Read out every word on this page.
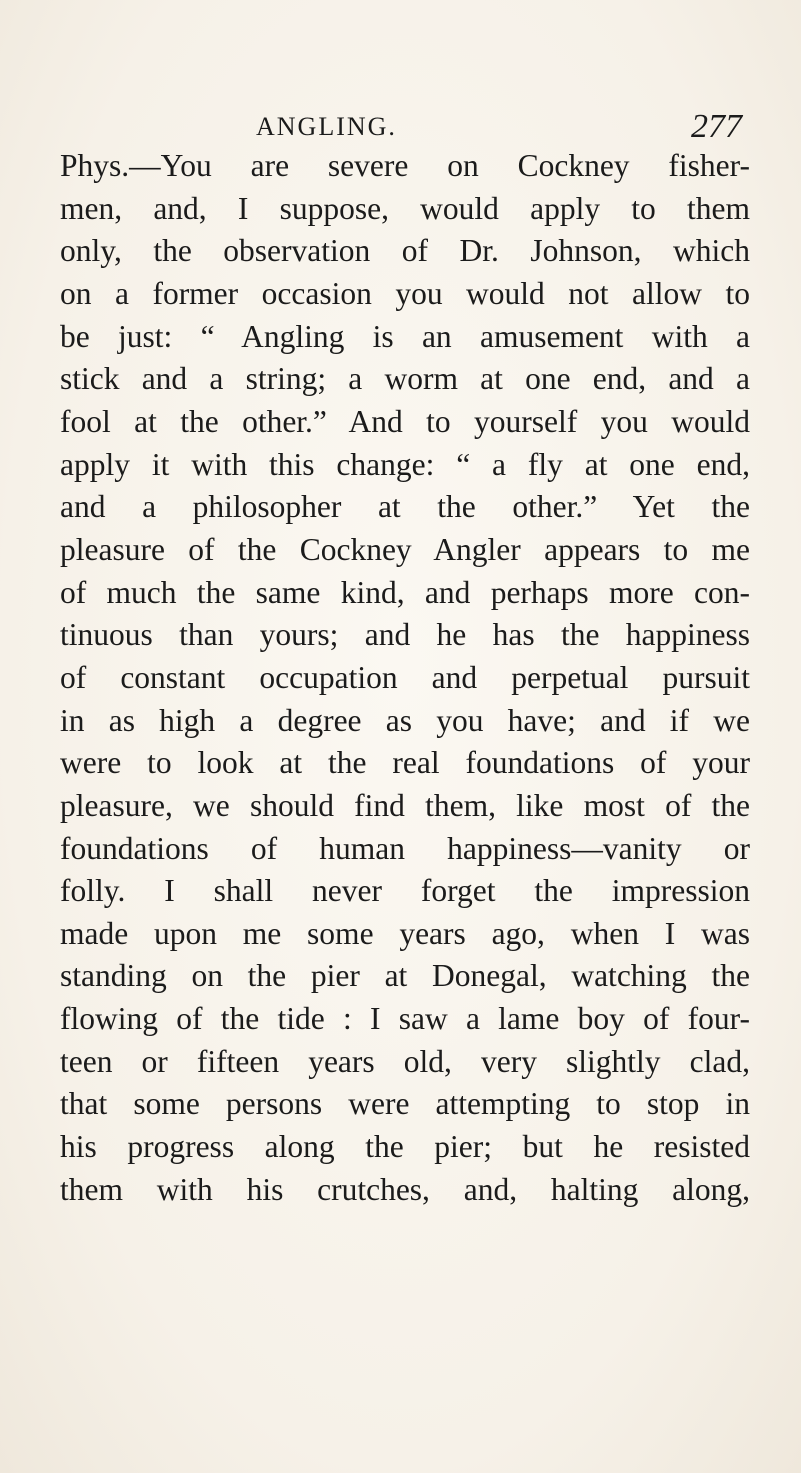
ANGLING.	277
Phys.—You are severe on Cockney fisher-
men, and, I suppose, would apply to them
only, the observation of Dr. Johnson, which
on a former occasion you would not allow to
be just: “ Angling is an amusement with a
stick and a string; a worm at one end, and a
fool at the other.” And to yourself you would
apply it with this change: “ a fly at one end,
and a philosopher at the other.” Yet the
pleasure of the Cockney Angler appears to me
of much the same kind, and perhaps more con-
tinuous than yours; and he has the happiness
of constant occupation and perpetual pursuit
in as high a degree as you have; and if we
were to look at the real foundations of your
pleasure, we should find them, like most of the
foundations of human happiness—vanity or
folly. I shall never forget the impression
made upon me some years ago, when I was
standing on the pier at Donegal, watching the
flowing of the tide : I saw a lame boy of four-
teen or fifteen years old, very slightly clad,
that some persons were attempting to stop in
his progress along the pier; but he resisted
them with his crutches, and, halting along,
